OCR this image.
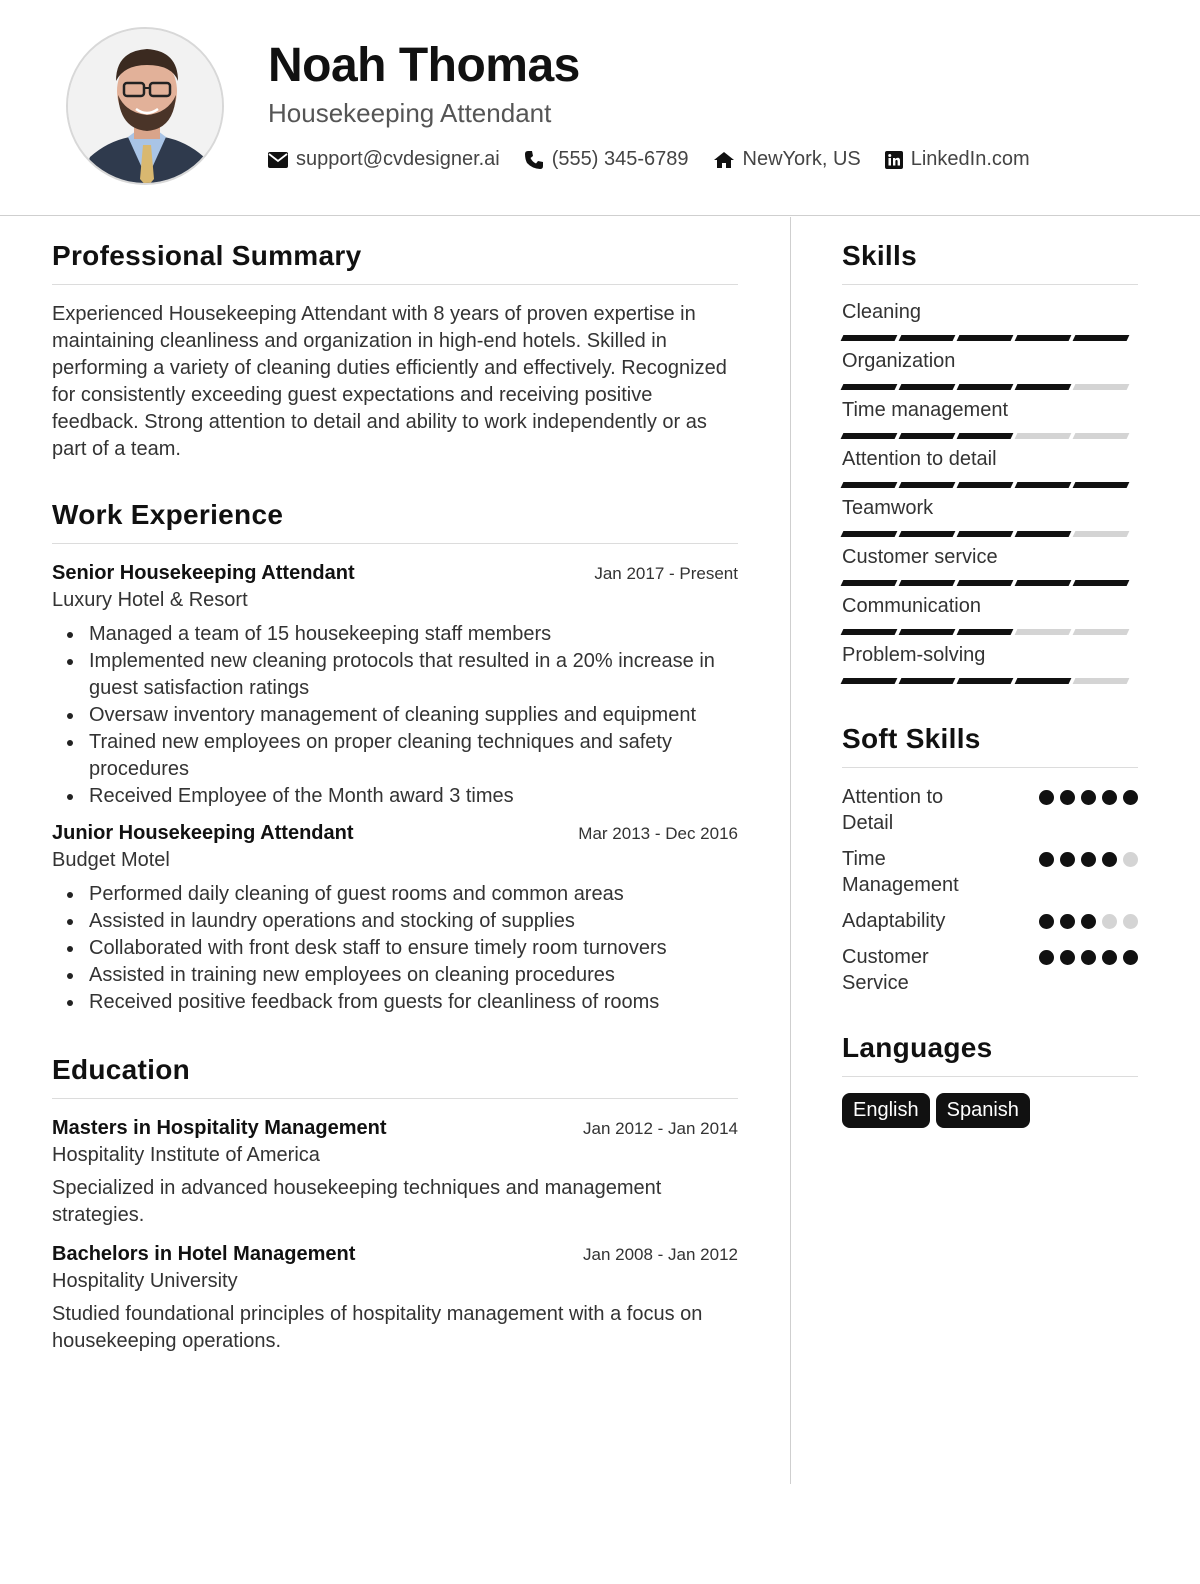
Noah Thomas
Housekeeping Attendant
support@cvdesigner.ai	(555) 345-6789	NewYork, US	LinkedIn.com
Professional Summary

Experienced Housekeeping Attendant with 8 years of proven expertise in maintaining cleanliness and organization in high-end hotels. Skilled in performing a variety of cleaning duties efficiently and effectively. Recognized for consistently exceeding guest expectations and receiving positive feedback. Strong attention to detail and ability to work independently or as part of a team.

Work Experience
Senior Housekeeping Attendant	Jan 2017 - Present
Luxury Hotel & Resort
Managed a team of 15 housekeeping staff members
Implemented new cleaning protocols that resulted in a 20% increase in guest satisfaction ratings
Oversaw inventory management of cleaning supplies and equipment
Trained new employees on proper cleaning techniques and safety procedures
Received Employee of the Month award 3 times
Junior Housekeeping Attendant	Mar 2013 - Dec 2016
Budget Motel
Performed daily cleaning of guest rooms and common areas
Assisted in laundry operations and stocking of supplies
Collaborated with front desk staff to ensure timely room turnovers
Assisted in training new employees on cleaning procedures
Received positive feedback from guests for cleanliness of rooms
Education
Masters in Hospitality Management	Jan 2012 - Jan 2014
Hospitality Institute of America

Specialized in advanced housekeeping techniques and management strategies.

Bachelors in Hotel Management	Jan 2008 - Jan 2012
Hospitality University

Studied foundational principles of hospitality management with a focus on housekeeping operations.

Skills
Cleaning
Organization
Time management
Attention to detail
Teamwork
Customer service
Communication
Problem-solving
Soft Skills
Attention to Detail
Time Management
Adaptability
Customer Service
Languages
English	Spanish
